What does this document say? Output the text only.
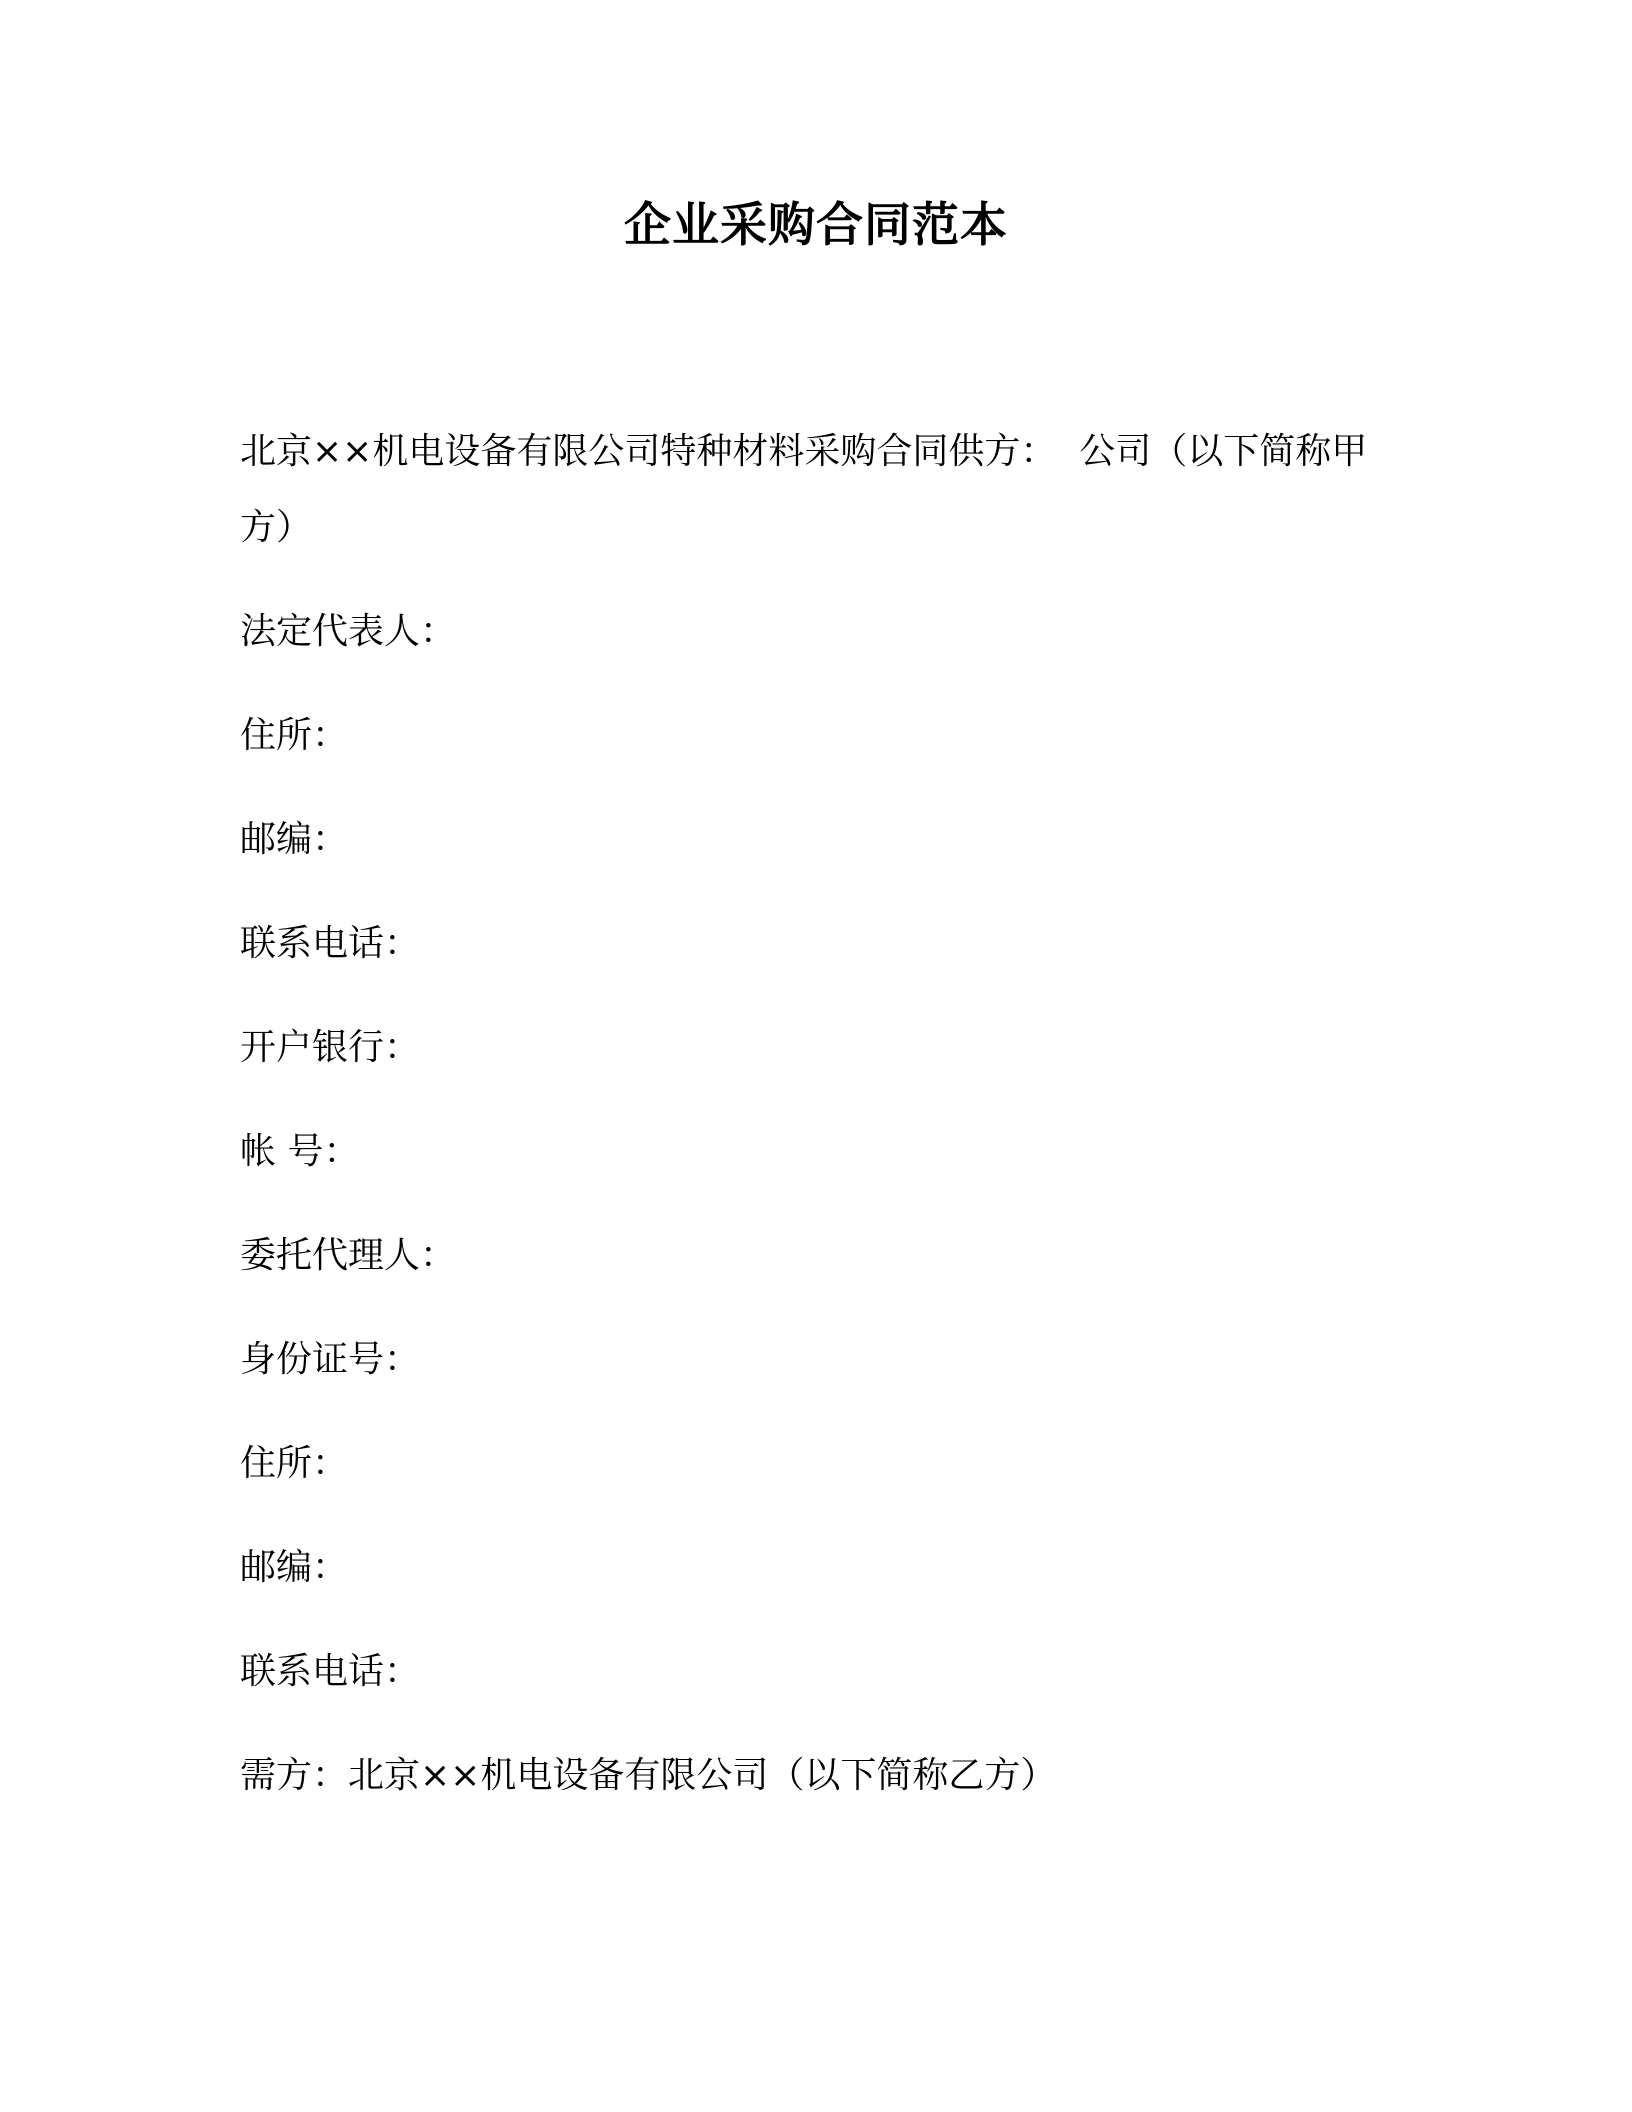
企业采购合同范本

北京××机电设备有限公司特种材料采购合同供方：  公司（以下简称甲方）

法定代表人：

住所：

邮编：

联系电话：

开户银行：

帐 号：

委托代理人：

身份证号：

住所：

邮编：

联系电话：

需方：北京××机电设备有限公司（以下简称乙方）
